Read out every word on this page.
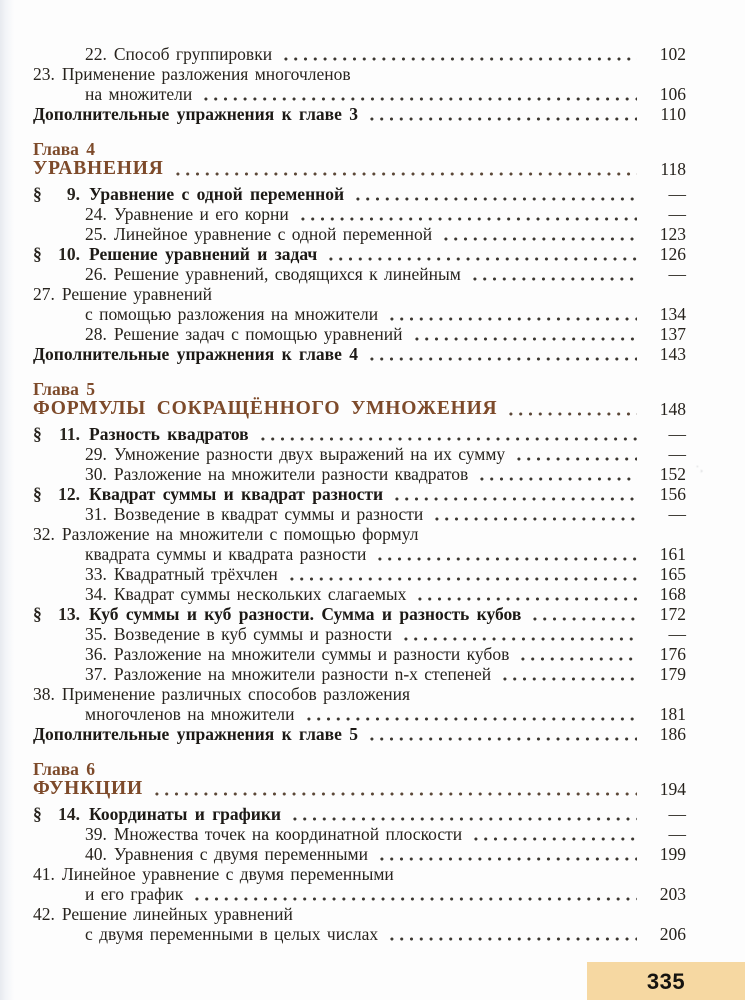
·¸
22. Способ группировки	102
23. Применение разложения многочленов
на множители	106
Дополнительные упражнения к главе 3	110
Глава 4
УРАВНЕНИЯ	118
§	9. Уравнение с одной переменной	—
24. Уравнение и его корни	—
25. Линейное уравнение с одной переменной	123
§ 10. Решение уравнений и задач	126
26. Решение уравнений, сводящихся к линейным	—
27. Решение уравнений
с помощью разложения на множители	134
28. Решение задач с помощью уравнений	137
Дополнительные упражнения к главе 4	143
Глава 5
ФОРМУЛЫ СОКРАЩЁННОГО УМНОЖЕНИЯ	148
§ 11. Разность квадратов	—
29. Умножение разности двух выражений на их сумму	—
30. Разложение на множители разности квадратов	152
§ 12. Квадрат суммы и квадрат разности	156
31. Возведение в квадрат суммы и разности	—
32. Разложение на множители с помощью формул
квадрата суммы и квадрата разности	161
33. Квадратный трёхчлен	165
34. Квадрат суммы нескольких слагаемых	168
§ 13. Куб суммы и куб разности. Сумма и разность кубов	172
35. Возведение в куб суммы и разности	—
36. Разложение на множители суммы и разности кубов	176
37. Разложение на множители разности n-х степеней	179
38. Применение различных способов разложения
многочленов на множители	181
Дополнительные упражнения к главе 5	186
Глава 6
ФУНКЦИИ	194
§ 14. Координаты и графики	—
39. Множества точек на координатной плоскости	—
40. Уравнения с двумя переменными	199
41. Линейное уравнение с двумя переменными
и его график	203
42. Решение линейных уравнений
с двумя переменными в целых числах	206
335
